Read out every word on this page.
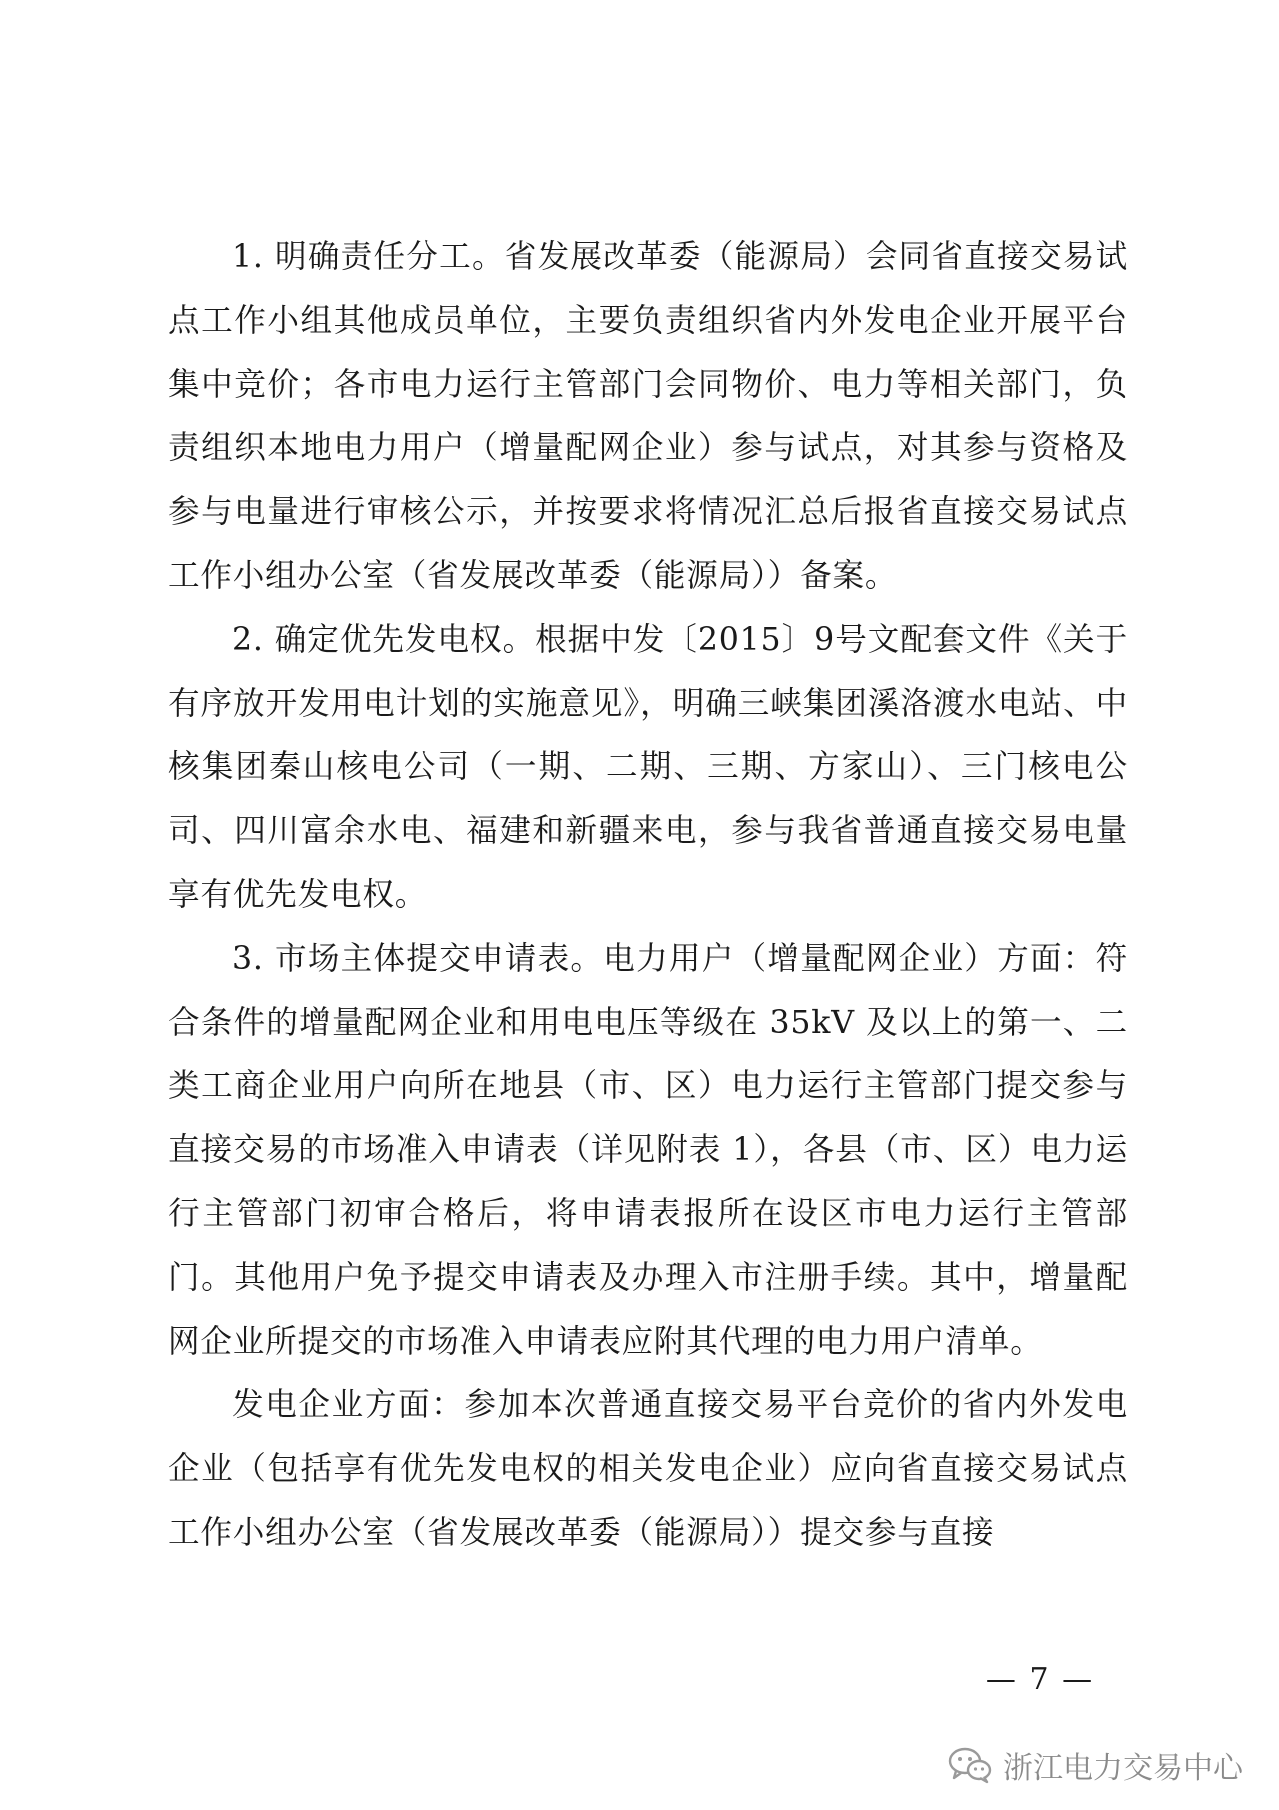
1. 明确责任分工。省发展改革委（能源局）会同省直接交易试点工作小组其他成员单位，主要负责组织省内外发电企业开展平台集中竞价；各市电力运行主管部门会同物价、电力等相关部门，负责组织本地电力用户（增量配网企业）参与试点，对其参与资格及参与电量进行审核公示，并按要求将情况汇总后报省直接交易试点工作小组办公室（省发展改革委（能源局））备案。

2. 确定优先发电权。根据中发〔2015〕9号文配套文件《关于有序放开发用电计划的实施意见》，明确三峡集团溪洛渡水电站、中核集团秦山核电公司（一期、二期、三期、方家山）、三门核电公司、四川富余水电、福建和新疆来电，参与我省普通直接交易电量享有优先发电权。

3. 市场主体提交申请表。电力用户（增量配网企业）方面：符合条件的增量配网企业和用电电压等级在 35kV 及以上的第一、二类工商企业用户向所在地县（市、区）电力运行主管部门提交参与直接交易的市场准入申请表（详见附表 1），各县（市、区）电力运行主管部门初审合格后，将申请表报所在设区市电力运行主管部门。其他用户免予提交申请表及办理入市注册手续。其中，增量配网企业所提交的市场准入申请表应附其代理的电力用户清单。

发电企业方面：参加本次普通直接交易平台竞价的省内外发电企业（包括享有优先发电权的相关发电企业）应向省直接交易试点工作小组办公室（省发展改革委（能源局））提交参与直接

— 7 —
浙江电力交易中心
